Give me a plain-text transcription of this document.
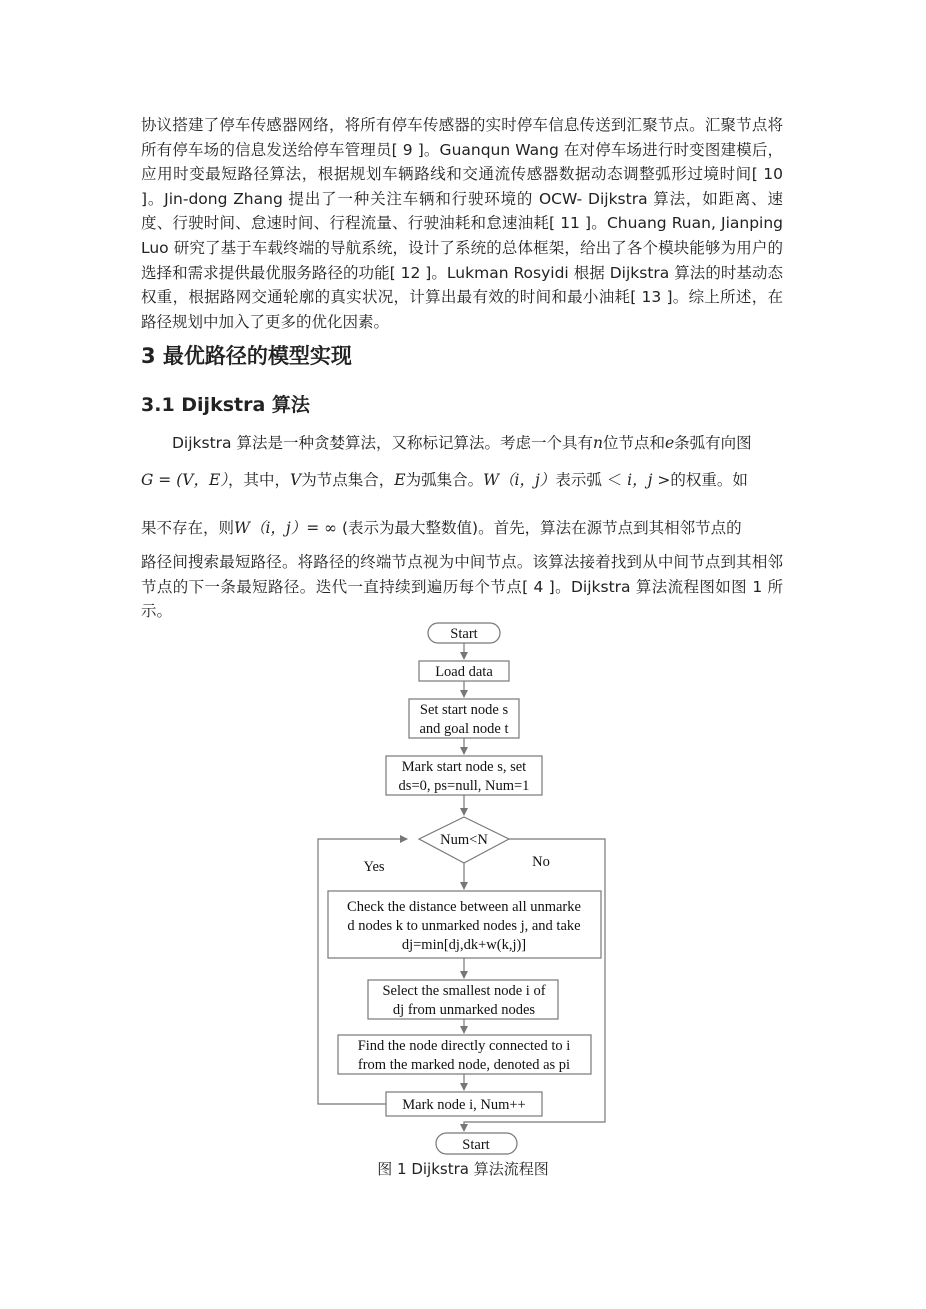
协议搭建了停车传感器网络，将所有停车传感器的实时停车信息传送到汇聚节点。汇聚节点将所有停车场的信息发送给停车管理员[ 9 ]。Guanqun Wang 在对停车场进行时变图建模后，应用时变最短路径算法，根据规划车辆路线和交通流传感器数据动态调整弧形过境时间[ 10 ]。Jin-dong Zhang 提出了一种关注车辆和行驶环境的 OCW- Dijkstra 算法，如距离、速度、行驶时间、怠速时间、行程流量、行驶油耗和怠速油耗[ 11 ]。Chuang Ruan, Jianping Luo 研究了基于车载终端的导航系统，设计了系统的总体框架，给出了各个模块能够为用户的选择和需求提供最优服务路径的功能[ 12 ]。Lukman Rosyidi 根据 Dijkstra 算法的时基动态权重，根据路网交通轮廓的真实状况，计算出最有效的时间和最小油耗[ 13 ]。综上所述，在路径规划中加入了更多的优化因素。
3 最优路径的模型实现
3.1 Dijkstra 算法
Dijkstra 算法是一种贪婪算法，又称标记算法。考虑一个具有n位节点和e条弧有向图
G = (V，E），其中，V为节点集合，E为弧集合。W（i，j）表示弧 ＜ i，j >的权重。如
果不存在，则W（i，j）= ∞ (表示为最大整数值)。首先，算法在源节点到其相邻节点的
路径间搜索最短路径。将路径的终端节点视为中间节点。该算法接着找到从中间节点到其相邻节点的下一条最短路径。迭代一直持续到遍历每个节点[ 4 ]。Dijkstra 算法流程图如图 1 所示。
Start
Load data
Set start node s
and goal node t
Mark start node s, set
ds=0, ps=null, Num=1
Num<N
Yes	No
Check the distance between all unmarke
d nodes k to unmarked nodes j, and take
dj=min[dj,dk+w(k,j)]
Select the smallest node i of
dj from unmarked nodes
Find the node directly connected to i
from the marked node, denoted as pi
Mark node i, Num++
Start
图 1 Dijkstra 算法流程图
